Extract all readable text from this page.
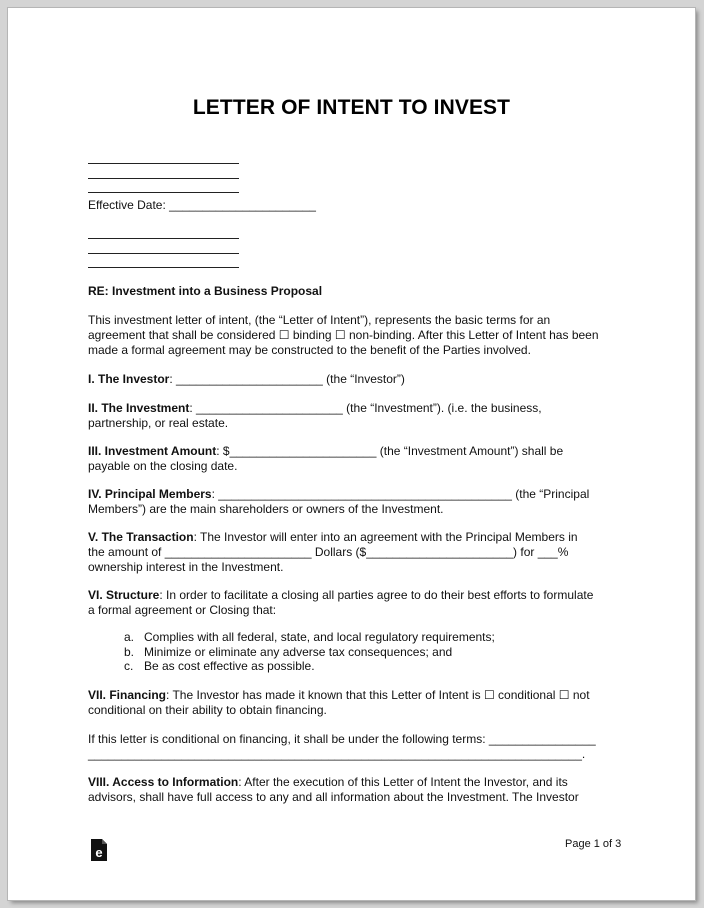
LETTER OF INTENT TO INVEST
Effective Date: ______________________
RE: Investment into a Business Proposal
This investment letter of intent, (the “Letter of Intent”), represents the basic terms for an
agreement that shall be considered ☐ binding ☐ non-binding. After this Letter of Intent has been
made a formal agreement may be constructed to the benefit of the Parties involved.
I. The Investor: ______________________ (the “Investor”)
II. The Investment: ______________________ (the “Investment”). (i.e. the business,
partnership, or real estate.
III. Investment Amount: $______________________ (the “Investment Amount”) shall be
payable on the closing date.
IV. Principal Members: ____________________________________________ (the “Principal
Members”) are the main shareholders or owners of the Investment.
V. The Transaction: The Investor will enter into an agreement with the Principal Members in
the amount of ______________________ Dollars ($______________________) for ___%
ownership interest in the Investment.
VI. Structure: In order to facilitate a closing all parties agree to do their best efforts to formulate
a formal agreement or Closing that:
a. Complies with all federal, state, and local regulatory requirements;
b. Minimize or eliminate any adverse tax consequences; and
c. Be as cost effective as possible.
VII. Financing: The Investor has made it known that this Letter of Intent is ☐ conditional ☐ not
conditional on their ability to obtain financing.
If this letter is conditional on financing, it shall be under the following terms: ________________
__________________________________________________________________________.
VIII. Access to Information: After the execution of this Letter of Intent the Investor, and its
advisors, shall have full access to any and all information about the Investment. The Investor
e
Page 1 of 3
